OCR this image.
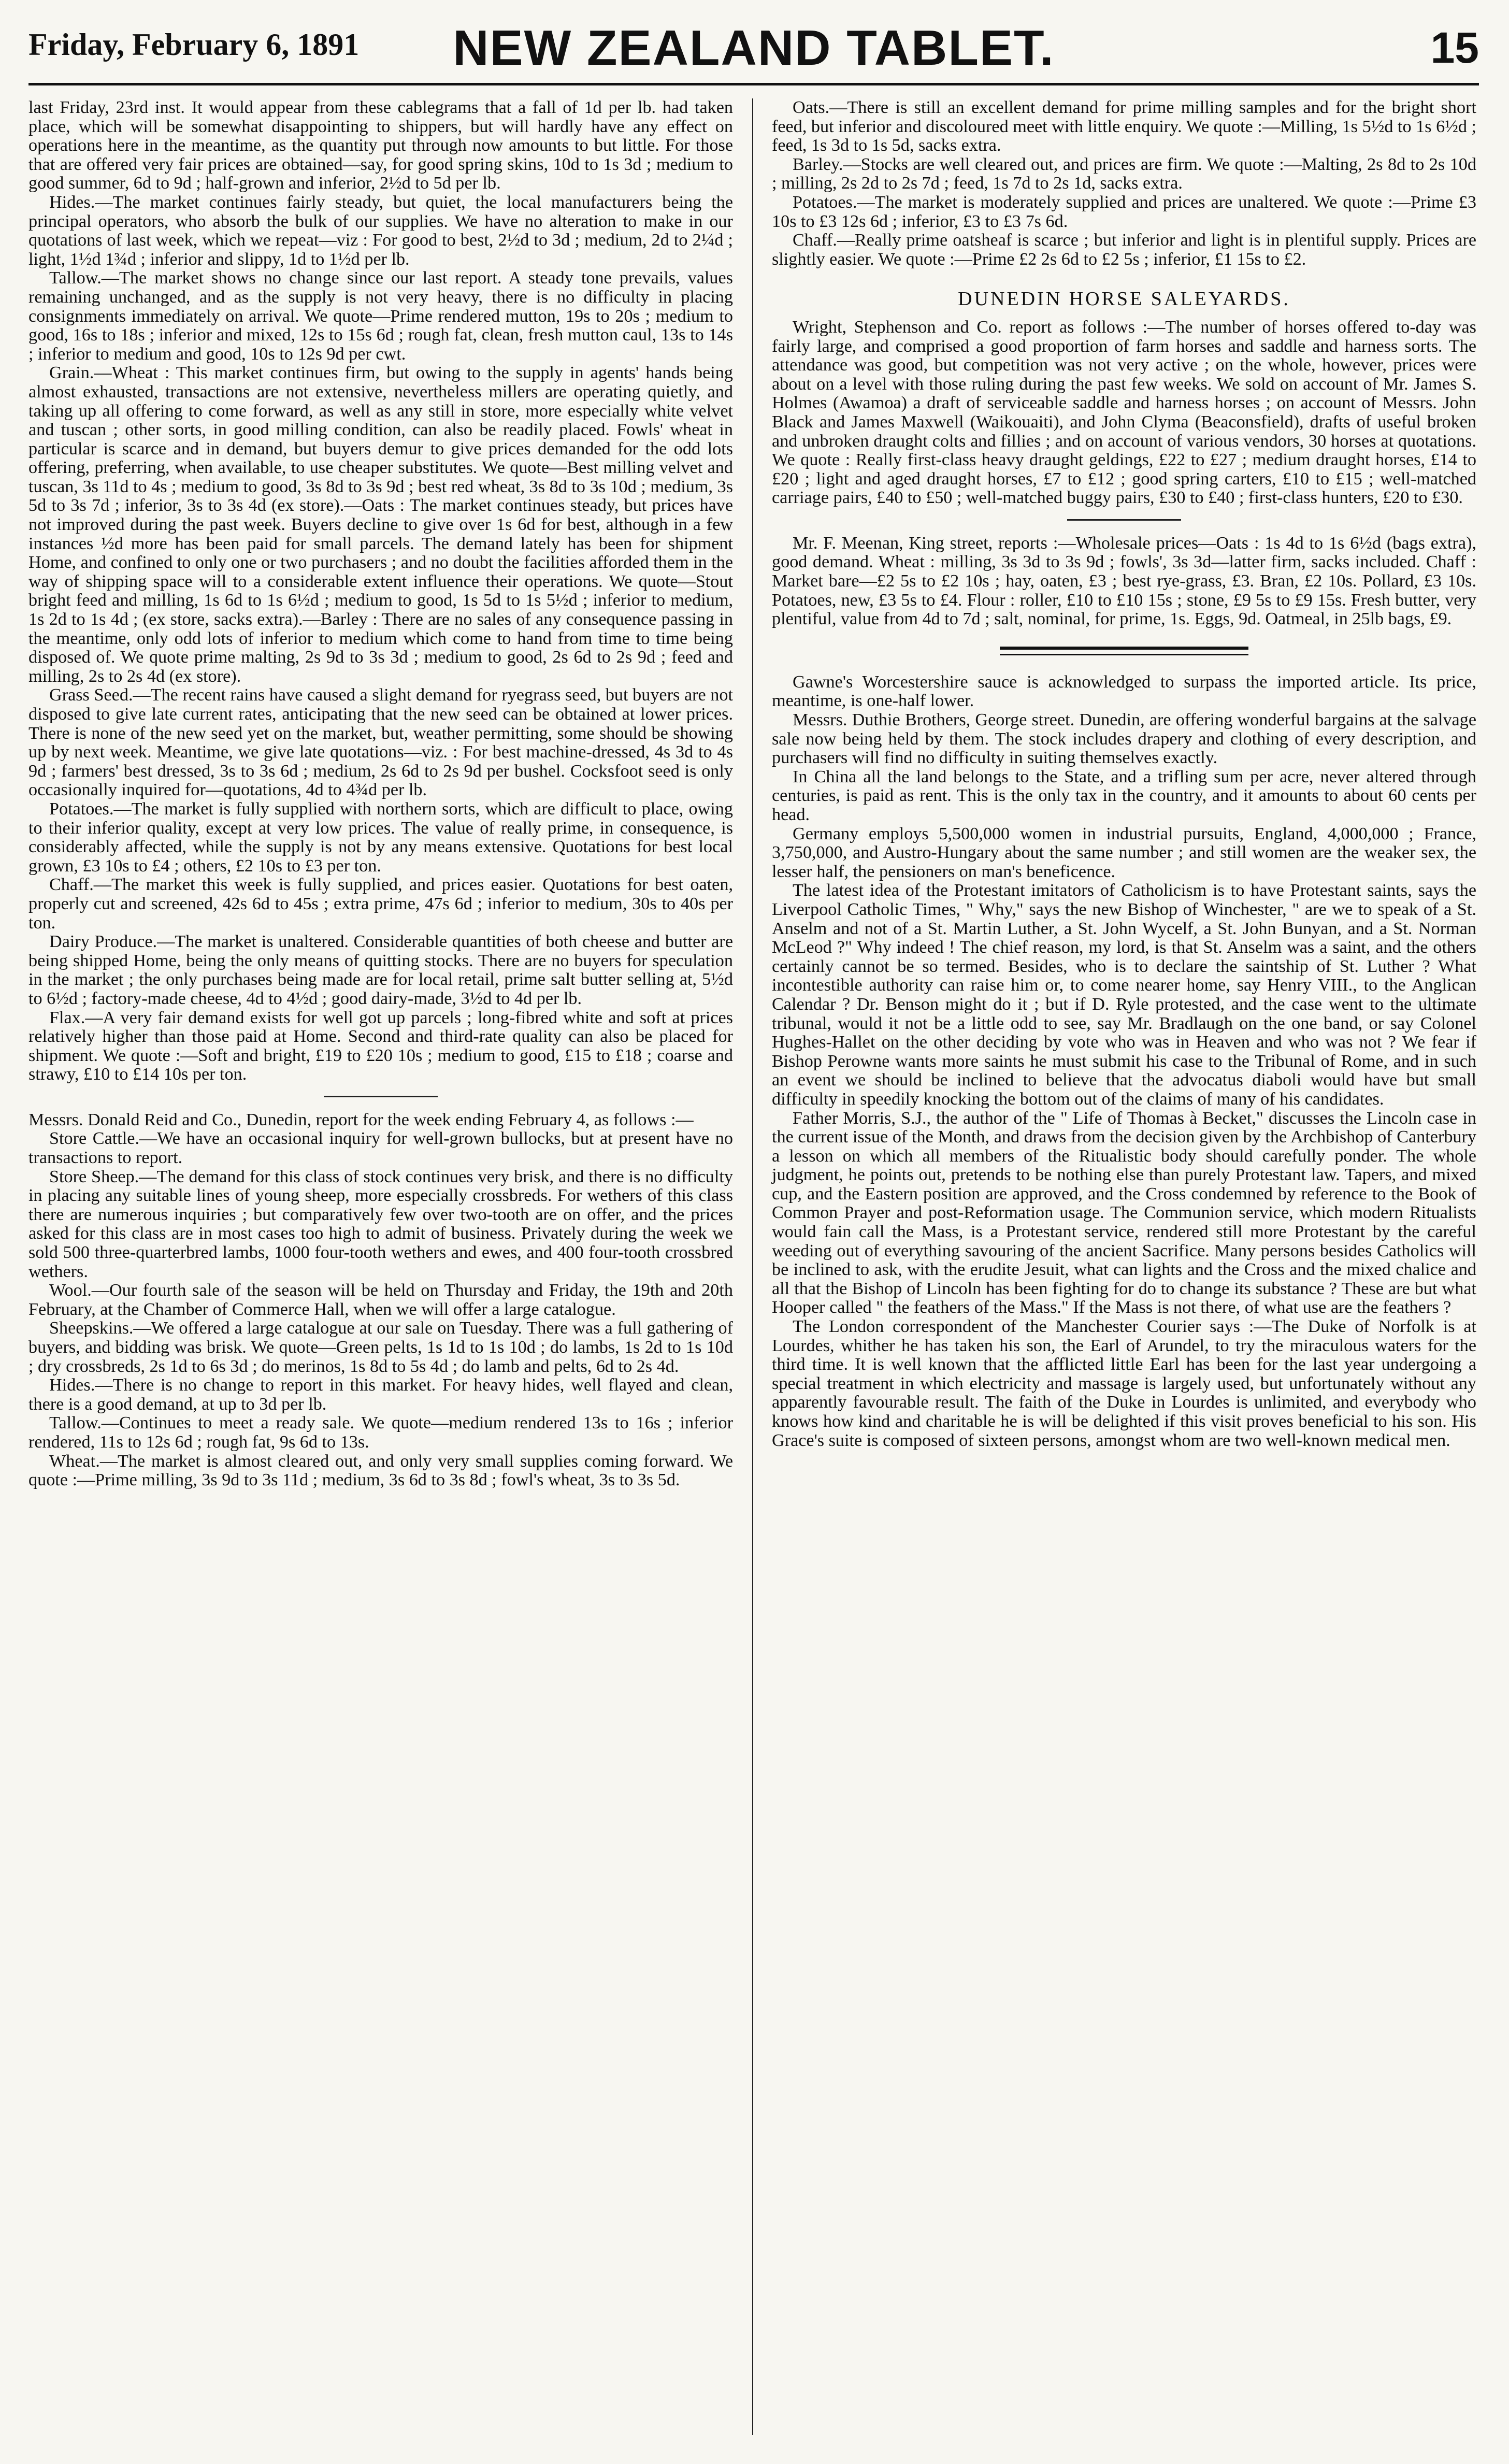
Friday, February 6, 1891	NEW ZEALAND TABLET.	15

last Friday, 23rd inst. It would appear from these cablegrams that a fall of 1d per lb. had taken place, which will be somewhat disappointing to shippers, but will hardly have any effect on operations here in the meantime, as the quantity put through now amounts to but little. For those that are offered very fair prices are obtained—say, for good spring skins, 10d to 1s 3d ; medium to good summer, 6d to 9d ; half-grown and inferior, 2½d to 5d per lb.

Hides.—The market continues fairly steady, but quiet, the local manufacturers being the principal operators, who absorb the bulk of our supplies. We have no alteration to make in our quotations of last week, which we repeat—viz : For good to best, 2½d to 3d ; medium, 2d to 2¼d ; light, 1½d 1¾d ; inferior and slippy, 1d to 1½d per lb.

Tallow.—The market shows no change since our last report. A steady tone prevails, values remaining unchanged, and as the supply is not very heavy, there is no difficulty in placing consignments immediately on arrival. We quote—Prime rendered mutton, 19s to 20s ; medium to good, 16s to 18s ; inferior and mixed, 12s to 15s 6d ; rough fat, clean, fresh mutton caul, 13s to 14s ; inferior to medium and good, 10s to 12s 9d per cwt.

Grain.—Wheat : This market continues firm, but owing to the supply in agents' hands being almost exhausted, transactions are not extensive, nevertheless millers are operating quietly, and taking up all offering to come forward, as well as any still in store, more especially white velvet and tuscan ; other sorts, in good milling condition, can also be readily placed. Fowls' wheat in particular is scarce and in demand, but buyers demur to give prices demanded for the odd lots offering, preferring, when available, to use cheaper substitutes. We quote—Best milling velvet and tuscan, 3s 11d to 4s ; medium to good, 3s 8d to 3s 9d ; best red wheat, 3s 8d to 3s 10d ; medium, 3s 5d to 3s 7d ; inferior, 3s to 3s 4d (ex store).—Oats : The market continues steady, but prices have not improved during the past week. Buyers decline to give over 1s 6d for best, although in a few instances ½d more has been paid for small parcels. The demand lately has been for shipment Home, and confined to only one or two purchasers ; and no doubt the facilities afforded them in the way of shipping space will to a considerable extent influence their operations. We quote—Stout bright feed and milling, 1s 6d to 1s 6½d ; medium to good, 1s 5d to 1s 5½d ; inferior to medium, 1s 2d to 1s 4d ; (ex store, sacks extra).—Barley : There are no sales of any consequence passing in the meantime, only odd lots of inferior to medium which come to hand from time to time being disposed of. We quote prime malting, 2s 9d to 3s 3d ; medium to good, 2s 6d to 2s 9d ; feed and milling, 2s to 2s 4d (ex store).

Grass Seed.—The recent rains have caused a slight demand for ryegrass seed, but buyers are not disposed to give late current rates, anticipating that the new seed can be obtained at lower prices. There is none of the new seed yet on the market, but, weather permitting, some should be showing up by next week. Meantime, we give late quotations—viz. : For best machine-dressed, 4s 3d to 4s 9d ; farmers' best dressed, 3s to 3s 6d ; medium, 2s 6d to 2s 9d per bushel. Cocksfoot seed is only occasionally inquired for—quotations, 4d to 4¾d per lb.

Potatoes.—The market is fully supplied with northern sorts, which are difficult to place, owing to their inferior quality, except at very low prices. The value of really prime, in consequence, is considerably affected, while the supply is not by any means extensive. Quotations for best local grown, £3 10s to £4 ; others, £2 10s to £3 per ton.

Chaff.—The market this week is fully supplied, and prices easier. Quotations for best oaten, properly cut and screened, 42s 6d to 45s ; extra prime, 47s 6d ; inferior to medium, 30s to 40s per ton.

Dairy Produce.—The market is unaltered. Considerable quantities of both cheese and butter are being shipped Home, being the only means of quitting stocks. There are no buyers for speculation in the market ; the only purchases being made are for local retail, prime salt butter selling at, 5½d to 6½d ; factory-made cheese, 4d to 4½d ; good dairy-made, 3½d to 4d per lb.

Flax.—A very fair demand exists for well got up parcels ; long-fibred white and soft at prices relatively higher than those paid at Home. Second and third-rate quality can also be placed for shipment. We quote :—Soft and bright, £19 to £20 10s ; medium to good, £15 to £18 ; coarse and strawy, £10 to £14 10s per ton.

Messrs. Donald Reid and Co., Dunedin, report for the week ending February 4, as follows :—

Store Cattle.—We have an occasional inquiry for well-grown bullocks, but at present have no transactions to report.

Store Sheep.—The demand for this class of stock continues very brisk, and there is no difficulty in placing any suitable lines of young sheep, more especially crossbreds. For wethers of this class there are numerous inquiries ; but comparatively few over two-tooth are on offer, and the prices asked for this class are in most cases too high to admit of business. Privately during the week we sold 500 three-quarterbred lambs, 1000 four-tooth wethers and ewes, and 400 four-tooth crossbred wethers.

Wool.—Our fourth sale of the season will be held on Thursday and Friday, the 19th and 20th February, at the Chamber of Commerce Hall, when we will offer a large catalogue.

Sheepskins.—We offered a large catalogue at our sale on Tuesday. There was a full gathering of buyers, and bidding was brisk. We quote—Green pelts, 1s 1d to 1s 10d ; do lambs, 1s 2d to 1s 10d ; dry crossbreds, 2s 1d to 6s 3d ; do merinos, 1s 8d to 5s 4d ; do lamb and pelts, 6d to 2s 4d.

Hides.—There is no change to report in this market. For heavy hides, well flayed and clean, there is a good demand, at up to 3d per lb.

Tallow.—Continues to meet a ready sale. We quote—medium rendered 13s to 16s ; inferior rendered, 11s to 12s 6d ; rough fat, 9s 6d to 13s.

Wheat.—The market is almost cleared out, and only very small supplies coming forward. We quote :—Prime milling, 3s 9d to 3s 11d ; medium, 3s 6d to 3s 8d ; fowl's wheat, 3s to 3s 5d.

Oats.—There is still an excellent demand for prime milling samples and for the bright short feed, but inferior and discoloured meet with little enquiry. We quote :—Milling, 1s 5½d to 1s 6½d ; feed, 1s 3d to 1s 5d, sacks extra.

Barley.—Stocks are well cleared out, and prices are firm. We quote :—Malting, 2s 8d to 2s 10d ; milling, 2s 2d to 2s 7d ; feed, 1s 7d to 2s 1d, sacks extra.

Potatoes.—The market is moderately supplied and prices are unaltered. We quote :—Prime £3 10s to £3 12s 6d ; inferior, £3 to £3 7s 6d.

Chaff.—Really prime oatsheaf is scarce ; but inferior and light is in plentiful supply. Prices are slightly easier. We quote :—Prime £2 2s 6d to £2 5s ; inferior, £1 15s to £2.

DUNEDIN HORSE SALEYARDS.

Wright, Stephenson and Co. report as follows :—The number of horses offered to-day was fairly large, and comprised a good proportion of farm horses and saddle and harness sorts. The attendance was good, but competition was not very active ; on the whole, however, prices were about on a level with those ruling during the past few weeks. We sold on account of Mr. James S. Holmes (Awamoa) a draft of serviceable saddle and harness horses ; on account of Messrs. John Black and James Maxwell (Waikouaiti), and John Clyma (Beaconsfield), drafts of useful broken and unbroken draught colts and fillies ; and on account of various vendors, 30 horses at quotations. We quote : Really first-class heavy draught geldings, £22 to £27 ; medium draught horses, £14 to £20 ; light and aged draught horses, £7 to £12 ; good spring carters, £10 to £15 ; well-matched carriage pairs, £40 to £50 ; well-matched buggy pairs, £30 to £40 ; first-class hunters, £20 to £30.

Mr. F. Meenan, King street, reports :—Wholesale prices—Oats : 1s 4d to 1s 6½d (bags extra), good demand. Wheat : milling, 3s 3d to 3s 9d ; fowls', 3s 3d—latter firm, sacks included. Chaff : Market bare—£2 5s to £2 10s ; hay, oaten, £3 ; best rye-grass, £3. Bran, £2 10s. Pollard, £3 10s. Potatoes, new, £3 5s to £4. Flour : roller, £10 to £10 15s ; stone, £9 5s to £9 15s. Fresh butter, very plentiful, value from 4d to 7d ; salt, nominal, for prime, 1s. Eggs, 9d. Oatmeal, in 25lb bags, £9.

Gawne's Worcestershire sauce is acknowledged to surpass the imported article. Its price, meantime, is one-half lower.

Messrs. Duthie Brothers, George street. Dunedin, are offering wonderful bargains at the salvage sale now being held by them. The stock includes drapery and clothing of every description, and purchasers will find no difficulty in suiting themselves exactly.

In China all the land belongs to the State, and a trifling sum per acre, never altered through centuries, is paid as rent. This is the only tax in the country, and it amounts to about 60 cents per head.

Germany employs 5,500,000 women in industrial pursuits, England, 4,000,000 ; France, 3,750,000, and Austro-Hungary about the same number ; and still women are the weaker sex, the lesser half, the pensioners on man's beneficence.

The latest idea of the Protestant imitators of Catholicism is to have Protestant saints, says the Liverpool Catholic Times, " Why," says the new Bishop of Winchester, " are we to speak of a St. Anselm and not of a St. Martin Luther, a St. John Wycelf, a St. John Bunyan, and a St. Norman McLeod ?" Why indeed ! The chief reason, my lord, is that St. Anselm was a saint, and the others certainly cannot be so termed. Besides, who is to declare the saintship of St. Luther ? What incontestible authority can raise him or, to come nearer home, say Henry VIII., to the Anglican Calendar ? Dr. Benson might do it ; but if D. Ryle protested, and the case went to the ultimate tribunal, would it not be a little odd to see, say Mr. Bradlaugh on the one band, or say Colonel Hughes-Hallet on the other deciding by vote who was in Heaven and who was not ? We fear if Bishop Perowne wants more saints he must submit his case to the Tribunal of Rome, and in such an event we should be inclined to believe that the advocatus diaboli would have but small difficulty in speedily knocking the bottom out of the claims of many of his candidates.

Father Morris, S.J., the author of the " Life of Thomas à Becket," discusses the Lincoln case in the current issue of the Month, and draws from the decision given by the Archbishop of Canterbury a lesson on which all members of the Ritualistic body should carefully ponder. The whole judgment, he points out, pretends to be nothing else than purely Protestant law. Tapers, and mixed cup, and the Eastern position are approved, and the Cross condemned by reference to the Book of Common Prayer and post-Reformation usage. The Communion service, which modern Ritualists would fain call the Mass, is a Protestant service, rendered still more Protestant by the careful weeding out of everything savouring of the ancient Sacrifice. Many persons besides Catholics will be inclined to ask, with the erudite Jesuit, what can lights and the Cross and the mixed chalice and all that the Bishop of Lincoln has been fighting for do to change its substance ? These are but what Hooper called " the feathers of the Mass." If the Mass is not there, of what use are the feathers ?

The London correspondent of the Manchester Courier says :—The Duke of Norfolk is at Lourdes, whither he has taken his son, the Earl of Arundel, to try the miraculous waters for the third time. It is well known that the afflicted little Earl has been for the last year undergoing a special treatment in which electricity and massage is largely used, but unfortunately without any apparently favourable result. The faith of the Duke in Lourdes is unlimited, and everybody who knows how kind and charitable he is will be delighted if this visit proves beneficial to his son. His Grace's suite is composed of sixteen persons, amongst whom are two well-known medical men.
